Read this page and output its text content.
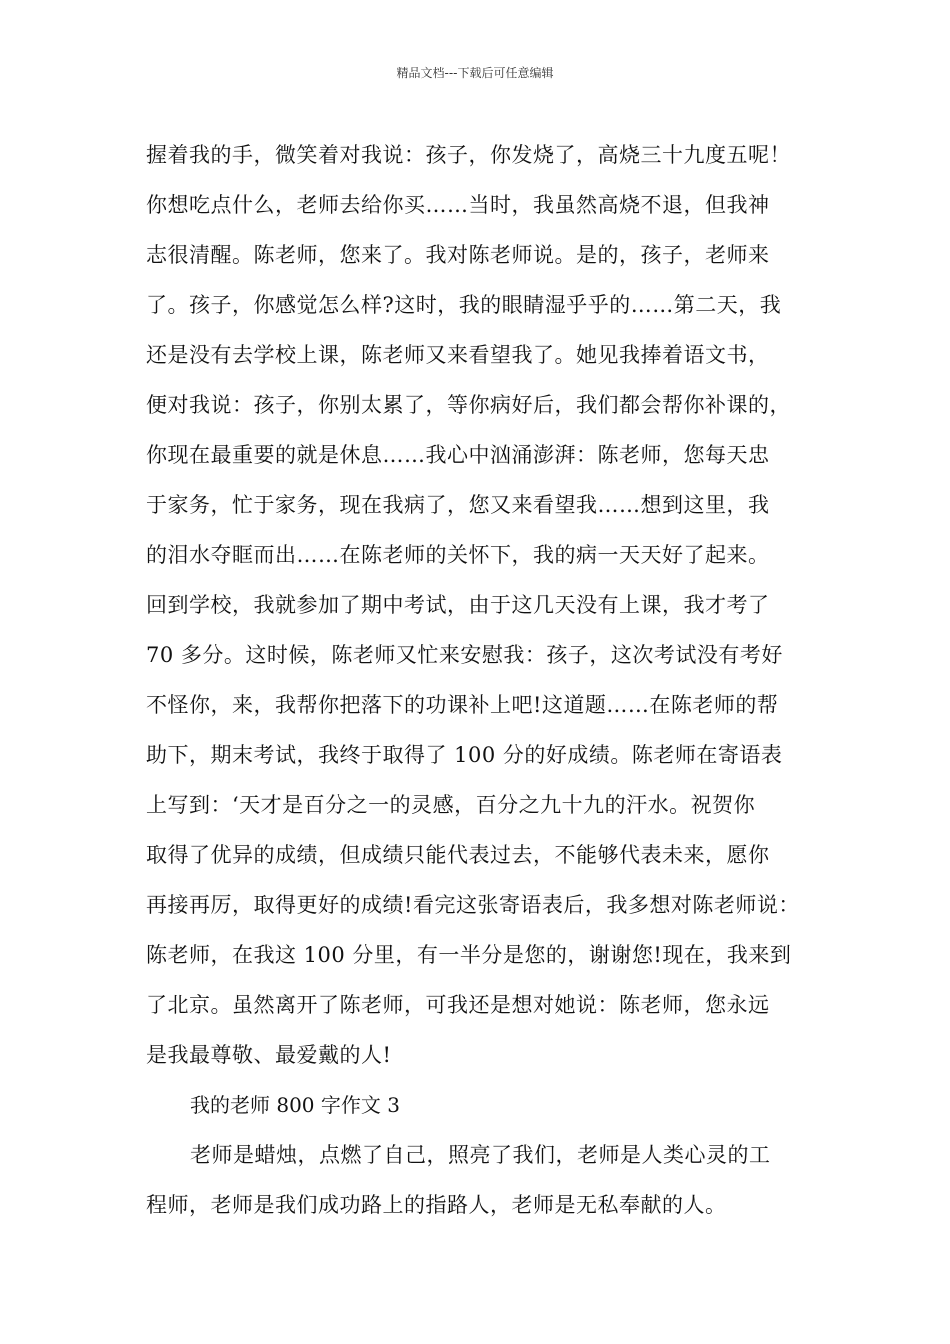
精品文档---下载后可任意编辑
握着我的手，微笑着对我说：孩子，你发烧了，高烧三十九度五呢！
你想吃点什么，老师去给你买……当时，我虽然高烧不退，但我神
志很清醒。陈老师，您来了。我对陈老师说。是的，孩子，老师来
了。孩子，你感觉怎么样?这时，我的眼睛湿乎乎的……第二天，我
还是没有去学校上课，陈老师又来看望我了。她见我捧着语文书，
便对我说：孩子，你别太累了，等你病好后，我们都会帮你补课的，
你现在最重要的就是休息……我心中汹涌澎湃：陈老师，您每天忠
于家务，忙于家务，现在我病了，您又来看望我……想到这里，我
的泪水夺眶而出……在陈老师的关怀下，我的病一天天好了起来。
回到学校，我就参加了期中考试，由于这几天没有上课，我才考了
70 多分。这时候，陈老师又忙来安慰我：孩子，这次考试没有考好
不怪你，来，我帮你把落下的功课补上吧!这道题……在陈老师的帮
助下，期末考试，我终于取得了 100 分的好成绩。陈老师在寄语表
上写到：‘天才是百分之一的灵感，百分之九十九的汗水。祝贺你
取得了优异的成绩，但成绩只能代表过去，不能够代表未来，愿你
再接再厉，取得更好的成绩!看完这张寄语表后，我多想对陈老师说：
陈老师，在我这 100 分里，有一半分是您的，谢谢您!现在，我来到
了北京。虽然离开了陈老师，可我还是想对她说：陈老师，您永远
是我最尊敬、最爱戴的人!
我的老师 800 字作文 3
老师是蜡烛，点燃了自己，照亮了我们，老师是人类心灵的工
程师，老师是我们成功路上的指路人，老师是无私奉献的人。
